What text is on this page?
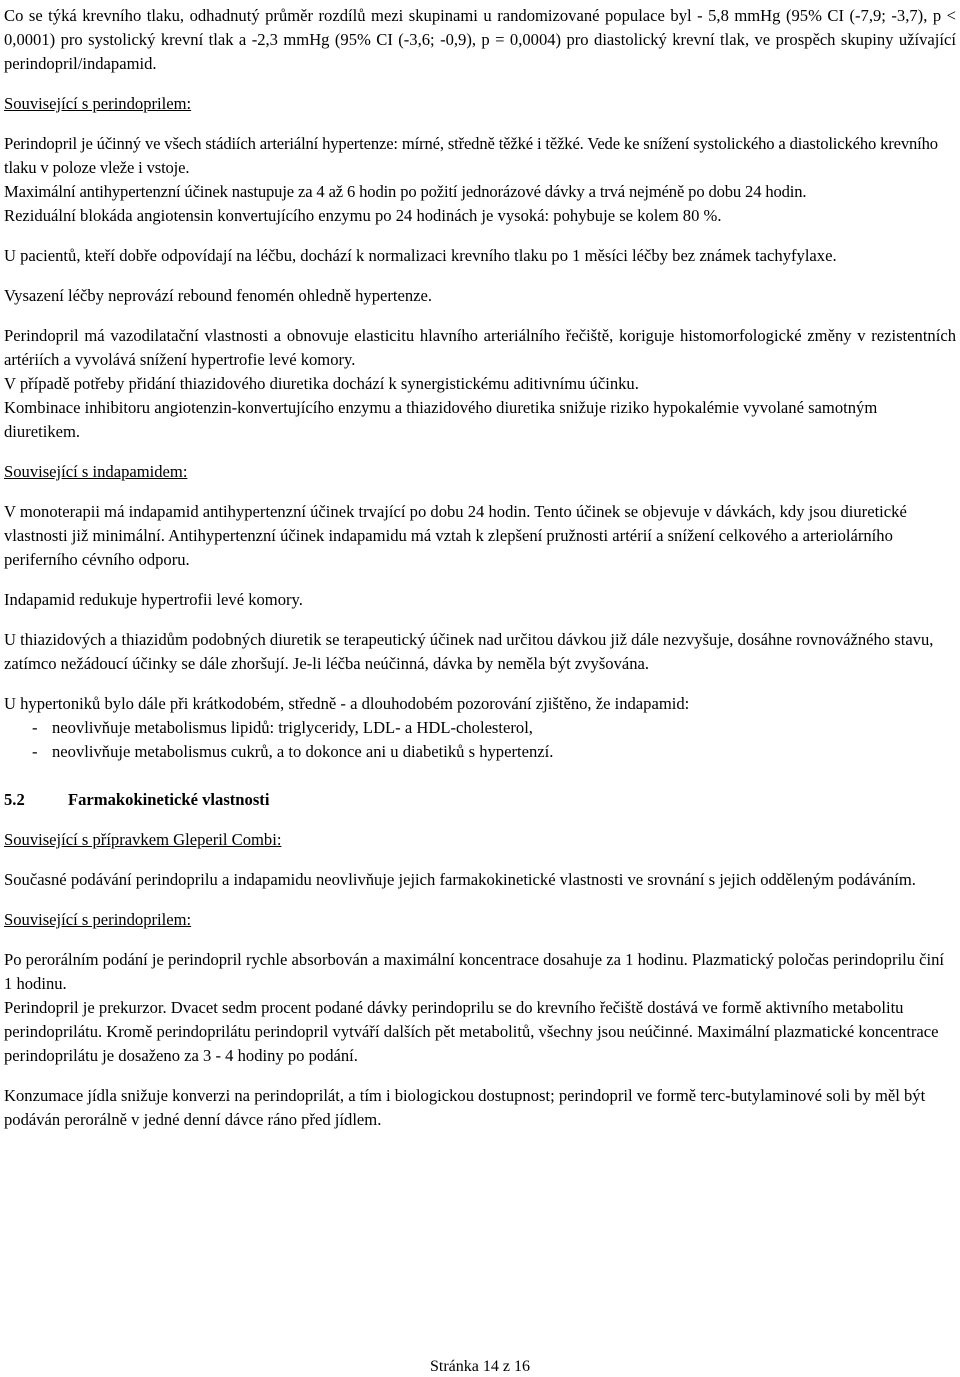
Co se týká krevního tlaku, odhadnutý průměr rozdílů mezi skupinami u randomizované populace byl - 5,8 mmHg (95% CI (-7,9; -3,7), p < 0,0001) pro systolický krevní tlak a -2,3 mmHg (95% CI (-3,6; -0,9), p = 0,0004) pro diastolický krevní tlak, ve prospěch skupiny užívající perindopril/indapamid.

Související s perindoprilem:

Perindopril je účinný ve všech stádiích arteriální hypertenze: mírné, středně těžké i těžké. Vede ke snížení systolického a diastolického krevního tlaku v poloze vleže i vstoje.

Maximální antihypertenzní účinek nastupuje za 4 až 6 hodin po požití jednorázové dávky a trvá nejméně po dobu 24 hodin.

Reziduální blokáda angiotensin konvertujícího enzymu po 24 hodinách je vysoká: pohybuje se kolem 80 %.

U pacientů, kteří dobře odpovídají na léčbu, dochází k normalizaci krevního tlaku po 1 měsíci léčby bez známek tachyfylaxe.

Vysazení léčby neprovází rebound fenomén ohledně hypertenze.

Perindopril má vazodilatační vlastnosti a obnovuje elasticitu hlavního arteriálního řečiště, koriguje histomorfologické změny v rezistentních artériích a vyvolává snížení hypertrofie levé komory.

V případě potřeby přidání thiazidového diuretika dochází k synergistickému aditivnímu účinku.

Kombinace inhibitoru angiotenzin-konvertujícího enzymu a thiazidového diuretika snižuje riziko hypokalémie vyvolané samotným diuretikem.

Související s indapamidem:

V monoterapii má indapamid antihypertenzní účinek trvající po dobu 24 hodin. Tento účinek se objevuje v dávkách, kdy jsou diuretické vlastnosti již minimální. Antihypertenzní účinek indapamidu má vztah k zlepšení pružnosti artérií a snížení celkového a arteriolárního periferního cévního odporu.

Indapamid redukuje hypertrofii levé komory.

U thiazidových a thiazidům podobných diuretik se terapeutický účinek nad určitou dávkou již dále nezvyšuje, dosáhne rovnovážného stavu, zatímco nežádoucí účinky se dále zhoršují. Je-li léčba neúčinná, dávka by neměla být zvyšována.

U hypertoniků bylo dále při krátkodobém, středně - a dlouhodobém pozorování zjištěno, že indapamid:

- neovlivňuje metabolismus lipidů: triglyceridy, LDL- a HDL-cholesterol,
- neovlivňuje metabolismus cukrů, a to dokonce ani u diabetiků s hypertenzí.

5.2	Farmakokinetické vlastnosti

Související s přípravkem Gleperil Combi:

Současné podávání perindoprilu a indapamidu neovlivňuje jejich farmakokinetické vlastnosti ve srovnání s jejich odděleným podáváním.

Související s perindoprilem:

Po perorálním podání je perindopril rychle absorbován a maximální koncentrace dosahuje za 1 hodinu. Plazmatický poločas perindoprilu činí 1 hodinu.

Perindopril je prekurzor. Dvacet sedm procent podané dávky perindoprilu se do krevního řečiště dostává ve formě aktivního metabolitu perindoprilátu. Kromě perindoprilátu perindopril vytváří dalších pět metabolitů, všechny jsou neúčinné. Maximální plazmatické koncentrace perindoprilátu je dosaženo za 3 - 4 hodiny po podání.

Konzumace jídla snižuje konverzi na perindoprilát, a tím i biologickou dostupnost; perindopril ve formě terc-butylaminové soli by měl být podáván perorálně v jedné denní dávce ráno před jídlem.

Stránka 14 z 16
